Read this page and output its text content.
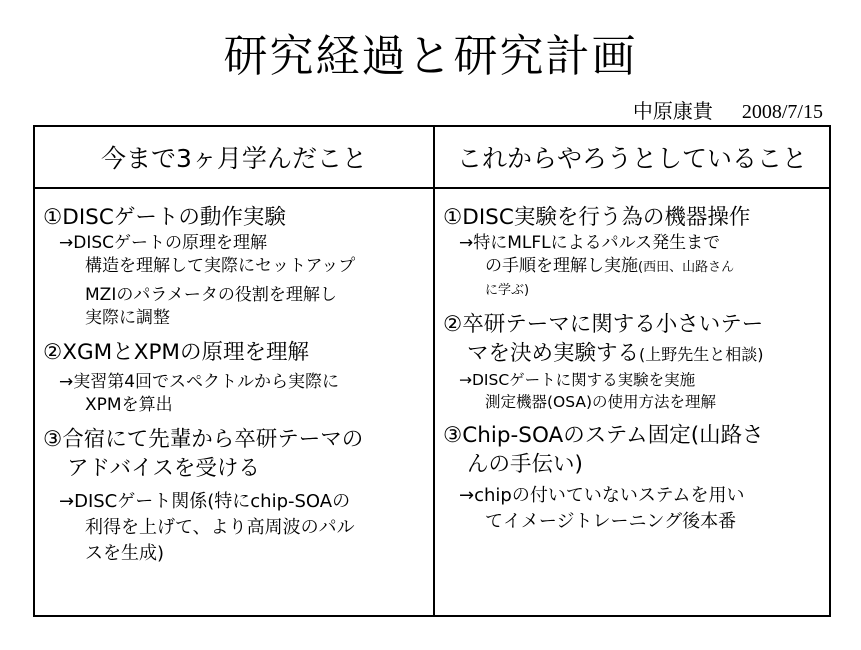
研究経過と研究計画
中原康貴 2008/7/15
今まで3ヶ月学んだこと	これからやろうとしていること
①DISCゲートの動作実験
→DISCゲートの原理を理解
構造を理解して実際にセットアップ
MZIのパラメータの役割を理解し
実際に調整
②XGMとXPMの原理を理解
→実習第4回でスペクトルから実際に
XPMを算出
③合宿にて先輩から卒研テーマの
アドバイスを受ける
→DISCゲート関係(特にchip-SOAの
利得を上げて、より高周波のパル
スを生成)
①DISC実験を行う為の機器操作
→特にMLFLによるパルス発生まで
の手順を理解し実施(西田、山路さん
に学ぶ)
②卒研テーマに関する小さいテー
マを決め実験する(上野先生と相談)
→DISCゲートに関する実験を実施
測定機器(OSA)の使用方法を理解
③Chip-SOAのステム固定(山路さ
んの手伝い)
→chipの付いていないステムを用い
てイメージトレーニング後本番
